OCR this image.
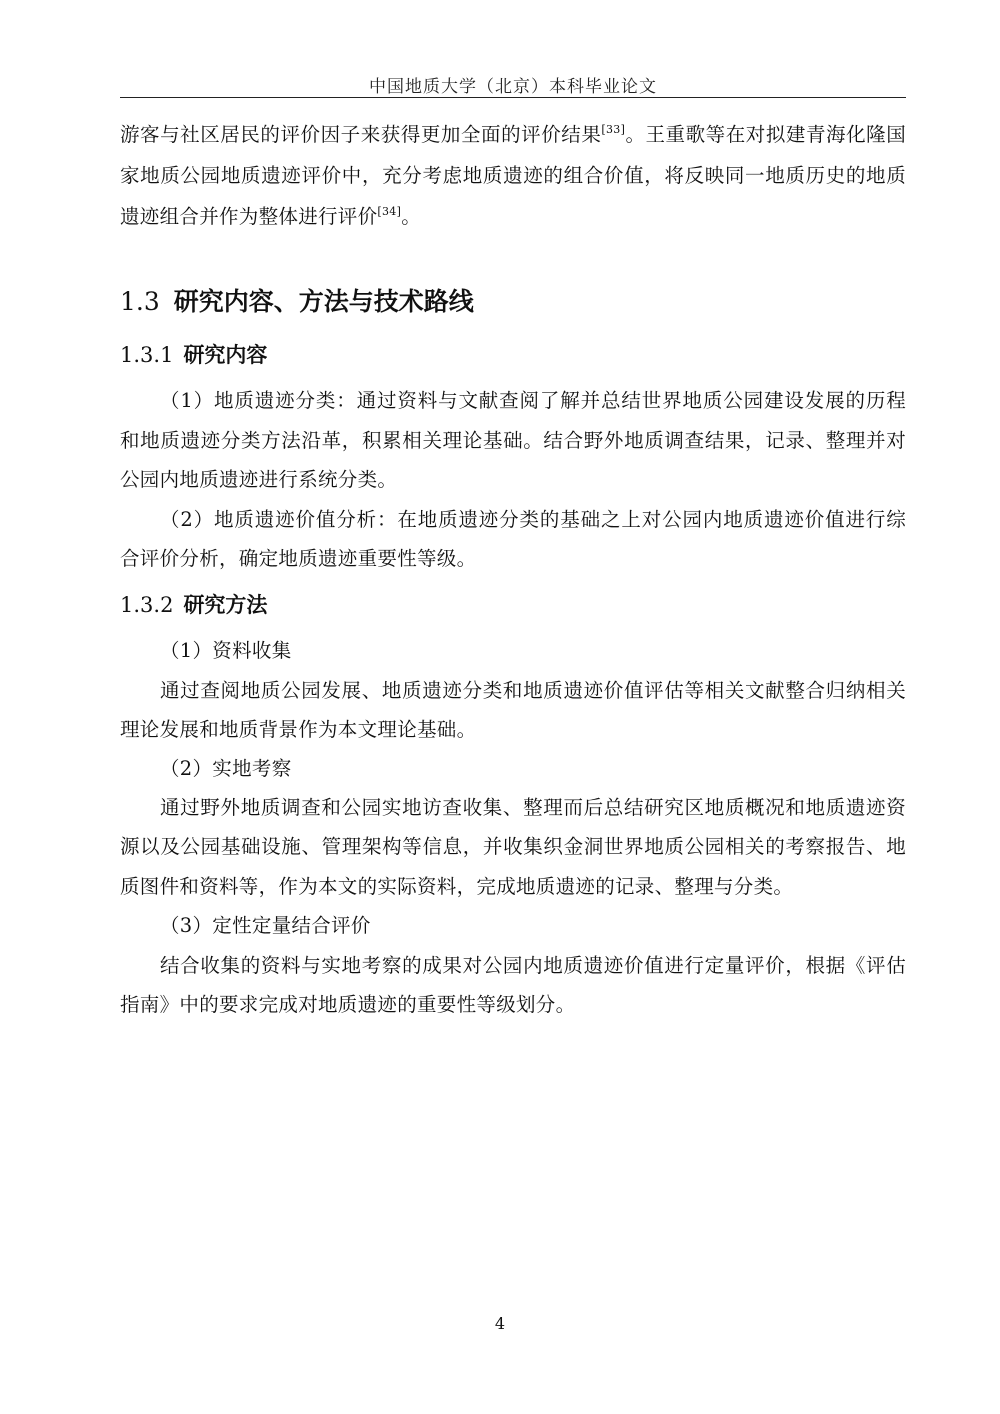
中国地质大学（北京）本科毕业论文
游客与社区居民的评价因子来获得更加全面的评价结果[33]。王重歌等在对拟建青海化隆国
家地质公园地质遗迹评价中，充分考虑地质遗迹的组合价值，将反映同一地质历史的地质
遗迹组合并作为整体进行评价[34]。
1.3 研究内容、方法与技术路线
1.3.1 研究内容
（1）地质遗迹分类：通过资料与文献查阅了解并总结世界地质公园建设发展的历程
和地质遗迹分类方法沿革，积累相关理论基础。结合野外地质调查结果，记录、整理并对
公园内地质遗迹进行系统分类。
（2）地质遗迹价值分析：在地质遗迹分类的基础之上对公园内地质遗迹价值进行综
合评价分析，确定地质遗迹重要性等级。
1.3.2 研究方法
（1）资料收集
通过查阅地质公园发展、地质遗迹分类和地质遗迹价值评估等相关文献整合归纳相关
理论发展和地质背景作为本文理论基础。
（2）实地考察
通过野外地质调查和公园实地访查收集、整理而后总结研究区地质概况和地质遗迹资
源以及公园基础设施、管理架构等信息，并收集织金洞世界地质公园相关的考察报告、地
质图件和资料等，作为本文的实际资料，完成地质遗迹的记录、整理与分类。
（3）定性定量结合评价
结合收集的资料与实地考察的成果对公园内地质遗迹价值进行定量评价，根据《评估
指南》中的要求完成对地质遗迹的重要性等级划分。
4
